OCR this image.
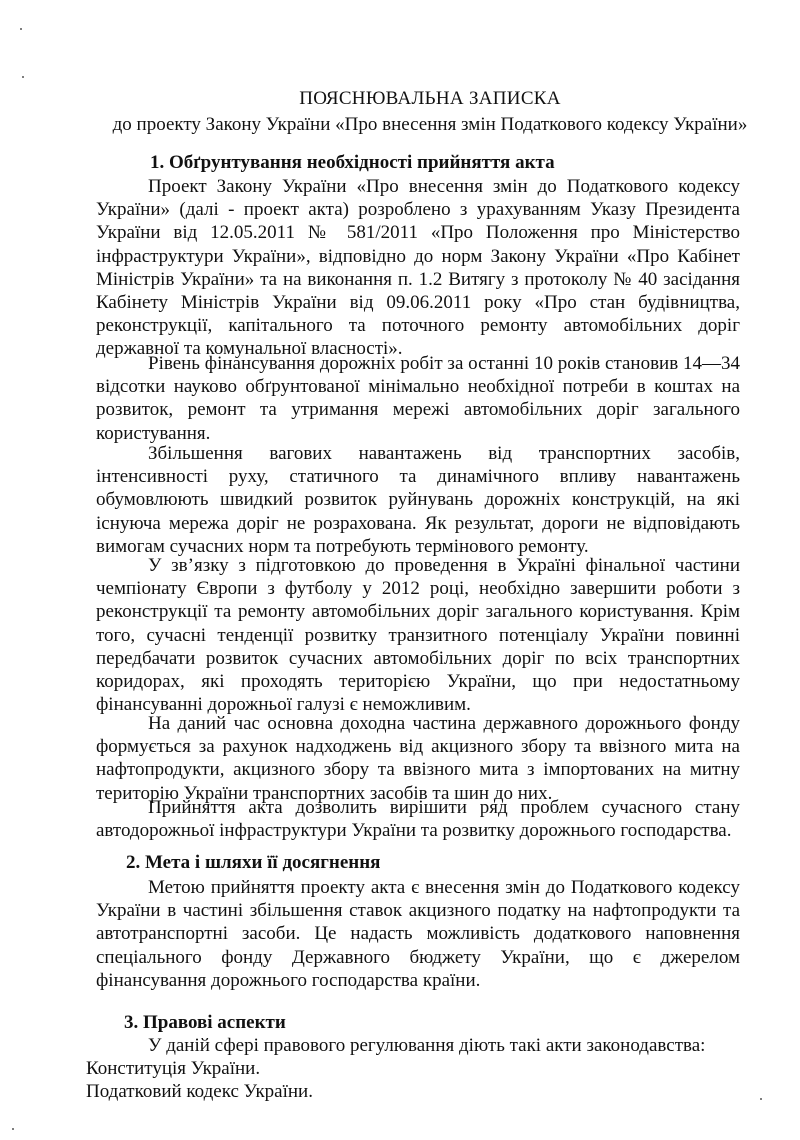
ПОЯСНЮВАЛЬНА ЗАПИСКА
до проекту Закону України «Про внесення змін Податкового кодексу України»
1. Обґрунтування необхідності прийняття акта

Проект Закону України «Про внесення змін до Податкового кодексу України» (далі - проект акта) розроблено з урахуванням Указу Президента України від 12.05.2011 № 581/2011 «Про Положення про Міністерство інфраструктури України», відповідно до норм Закону України «Про Кабінет Міністрів України» та на виконання п. 1.2 Витягу з протоколу № 40 засідання Кабінету Міністрів України від 09.06.2011 року «Про стан будівництва, реконструкції, капітального та поточного ремонту автомобільних доріг державної та комунальної власності».

Рівень фінансування дорожніх робіт за останні 10 років становив 14—34 відсотки науково обґрунтованої мінімально необхідної потреби в коштах на розвиток, ремонт та утримання мережі автомобільних доріг загального користування.

Збільшення вагових навантажень від транспортних засобів, інтенсивності руху, статичного та динамічного впливу навантажень обумовлюють швидкий розвиток руйнувань дорожніх конструкцій, на які існуюча мережа доріг не розрахована. Як результат, дороги не відповідають вимогам сучасних норм та потребують термінового ремонту.

У зв’язку з підготовкою до проведення в Україні фінальної частини чемпіонату Європи з футболу у 2012 році, необхідно завершити роботи з реконструкції та ремонту автомобільних доріг загального користування. Крім того, сучасні тенденції розвитку транзитного потенціалу України повинні передбачати розвиток сучасних автомобільних доріг по всіх транспортних коридорах, які проходять територією України, що при недостатньому фінансуванні дорожньої галузі є неможливим.

На даний час основна доходна частина державного дорожнього фонду формується за рахунок надходжень від акцизного збору та ввізного мита на нафтопродукти, акцизного збору та ввізного мита з імпортованих на митну територію України транспортних засобів та шин до них.

Прийняття акта дозволить вирішити ряд проблем сучасного стану автодорожньої інфраструктури України та розвитку дорожнього господарства.

2. Мета і шляхи її досягнення

Метою прийняття проекту акта є внесення змін до Податкового кодексу України в частині збільшення ставок акцизного податку на нафтопродукти та автотранспортні засоби. Це надасть можливість додаткового наповнення спеціального фонду Державного бюджету України, що є джерелом фінансування дорожнього господарства країни.

3. Правові аспекти

У даній сфері правового регулювання діють такі акти законодавства:

Конституція України.

Податковий кодекс України.
